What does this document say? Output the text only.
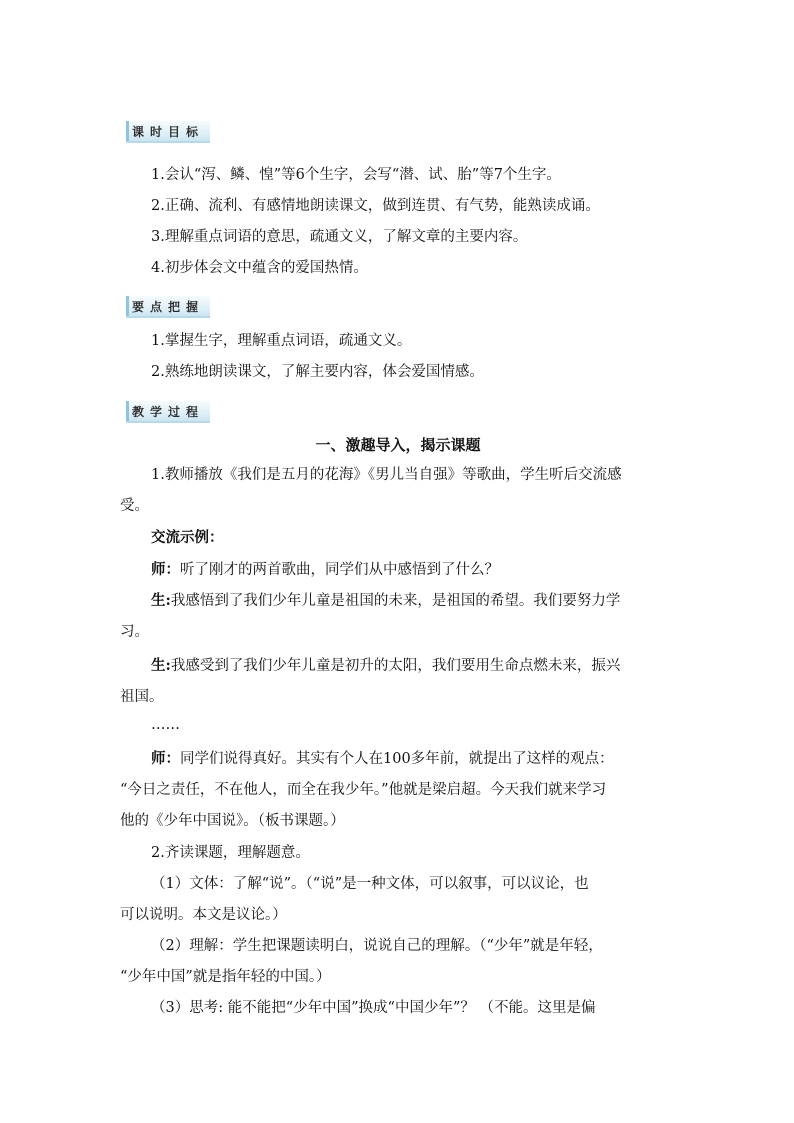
课时目标
1.会认“泻、鳞、惶”等6个生字，会写“潜、试、胎”等7个生字。
2.正确、流利、有感情地朗读课文，做到连贯、有气势，能熟读成诵。
3.理解重点词语的意思，疏通文义，了解文章的主要内容。
4.初步体会文中蕴含的爱国热情。
要点把握
1.掌握生字，理解重点词语，疏通文义。
2.熟练地朗读课文，了解主要内容，体会爱国情感。
教学过程
一、激趣导入，揭示课题
1.教师播放《我们是五月的花海》《男儿当自强》等歌曲，学生听后交流感
受。
交流示例：
师：听了刚才的两首歌曲，同学们从中感悟到了什么？
生:我感悟到了我们少年儿童是祖国的未来，是祖国的希望。我们要努力学
习。
生:我感受到了我们少年儿童是初升的太阳，我们要用生命点燃未来，振兴
祖国。
……
师：同学们说得真好。其实有个人在100多年前，就提出了这样的观点：
“今日之责任，不在他人，而全在我少年。”他就是梁启超。今天我们就来学习
他的《少年中国说》。（板书课题。）
2.齐读课题，理解题意。
（1）文体：了解“说”。（“说”是一种文体，可以叙事，可以议论，也
可以说明。本文是议论。）
（2）理解：学生把课题读明白，说说自己的理解。（“少年”就是年轻，
“少年中国”就是指年轻的中国。）
（3）思考: 能不能把“少年中国”换成“中国少年”？ （不能。这里是偏
